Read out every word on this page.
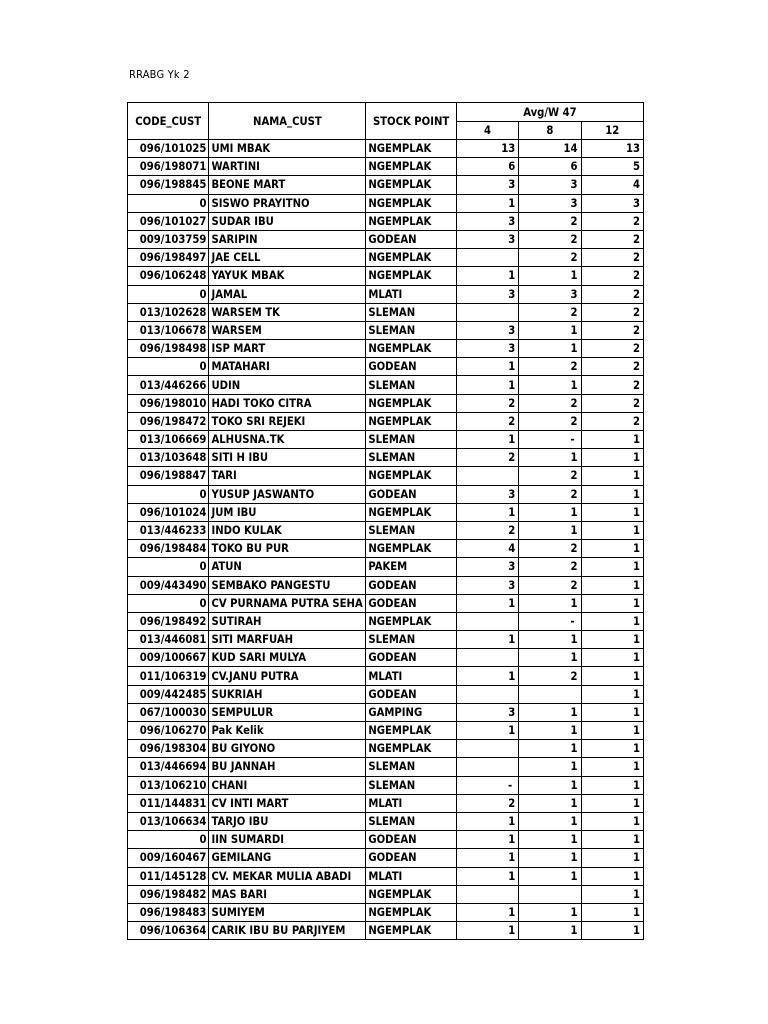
RRABG Yk 2
CODE_CUST	NAMA_CUST	STOCK POINT	Avg/W 47		
			4	8	12
096/101025	UMI MBAK	NGEMPLAK	13	14	13
096/198071	WARTINI	NGEMPLAK	6	6	5
096/198845	BEONE MART	NGEMPLAK	3	3	4
0	SISWO PRAYITNO	NGEMPLAK	1	3	3
096/101027	SUDAR IBU	NGEMPLAK	3	2	2
009/103759	SARIPIN	GODEAN	3	2	2
096/198497	JAE CELL	NGEMPLAK		2	2
096/106248	YAYUK MBAK	NGEMPLAK	1	1	2
0	JAMAL	MLATI	3	3	2
013/102628	WARSEM TK	SLEMAN		2	2
013/106678	WARSEM	SLEMAN	3	1	2
096/198498	ISP MART	NGEMPLAK	3	1	2
0	MATAHARI	GODEAN	1	2	2
013/446266	UDIN	SLEMAN	1	1	2
096/198010	HADI TOKO CITRA	NGEMPLAK	2	2	2
096/198472	TOKO SRI REJEKI	NGEMPLAK	2	2	2
013/106669	ALHUSNA.TK	SLEMAN	1	-	1
013/103648	SITI H IBU	SLEMAN	2	1	1
096/198847	TARI	NGEMPLAK		2	1
0	YUSUP JASWANTO	GODEAN	3	2	1
096/101024	JUM IBU	NGEMPLAK	1	1	1
013/446233	INDO KULAK	SLEMAN	2	1	1
096/198484	TOKO BU PUR	NGEMPLAK	4	2	1
0	ATUN	PAKEM	3	2	1
009/443490	SEMBAKO PANGESTU	GODEAN	3	2	1
0	CV PURNAMA PUTRA SEHA	GODEAN	1	1	1
096/198492	SUTIRAH	NGEMPLAK		-	1
013/446081	SITI MARFUAH	SLEMAN	1	1	1
009/100667	KUD SARI MULYA	GODEAN		1	1
011/106319	CV.JANU PUTRA	MLATI	1	2	1
009/442485	SUKRIAH	GODEAN			1
067/100030	SEMPULUR	GAMPING	3	1	1
096/106270	Pak Kelik	NGEMPLAK	1	1	1
096/198304	BU GIYONO	NGEMPLAK		1	1
013/446694	BU JANNAH	SLEMAN		1	1
013/106210	CHANI	SLEMAN	-	1	1
011/144831	CV INTI MART	MLATI	2	1	1
013/106634	TARJO IBU	SLEMAN	1	1	1
0	IIN SUMARDI	GODEAN	1	1	1
009/160467	GEMILANG	GODEAN	1	1	1
011/145128	CV. MEKAR MULIA ABADI	MLATI	1	1	1
096/198482	MAS BARI	NGEMPLAK			1
096/198483	SUMIYEM	NGEMPLAK	1	1	1
096/106364	CARIK IBU BU PARJIYEM	NGEMPLAK	1	1	1
